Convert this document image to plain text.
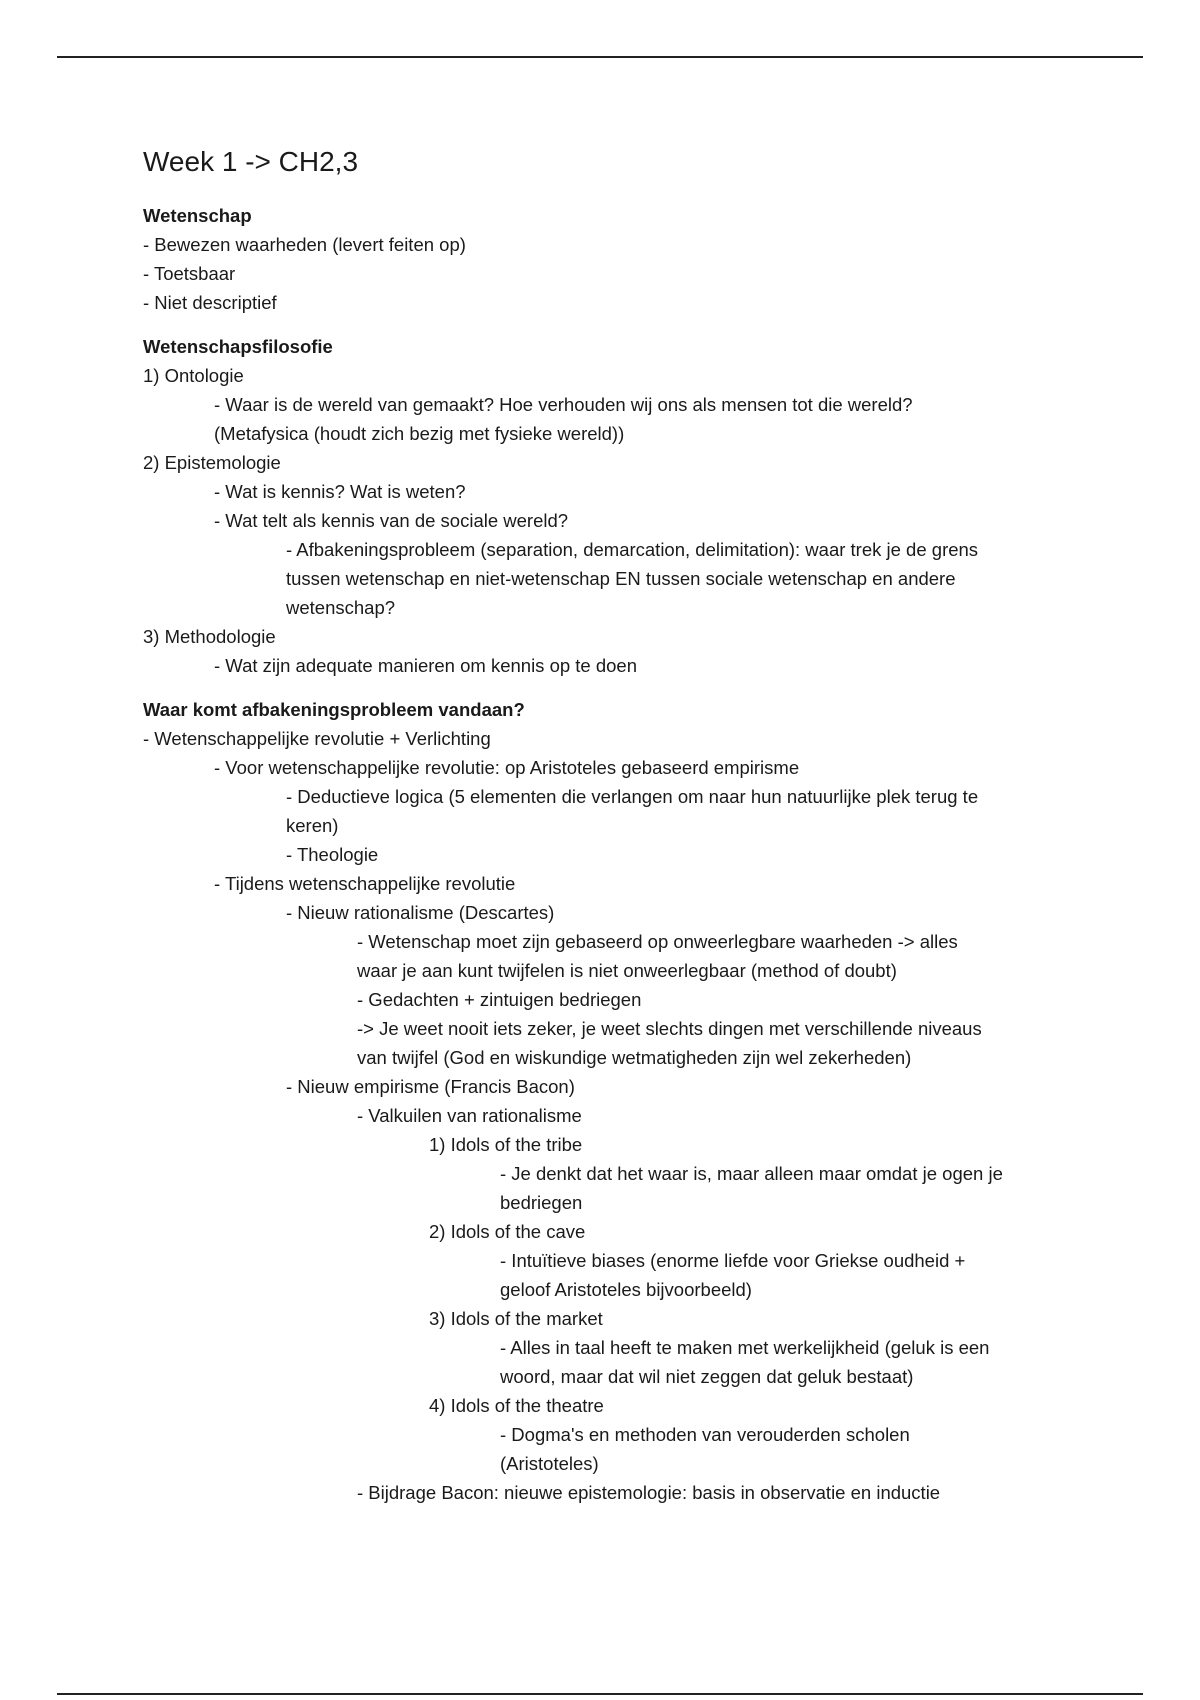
Week 1 -> CH2,3
Wetenschap
- Bewezen waarheden (levert feiten op)
- Toetsbaar
- Niet descriptief
Wetenschapsfilosofie
1) Ontologie
- Waar is de wereld van gemaakt? Hoe verhouden wij ons als mensen tot die wereld?
(Metafysica (houdt zich bezig met fysieke wereld))
2) Epistemologie
- Wat is kennis? Wat is weten?
- Wat telt als kennis van de sociale wereld?
- Afbakeningsprobleem (separation, demarcation, delimitation): waar trek je de grens
tussen wetenschap en niet-wetenschap EN tussen sociale wetenschap en andere
wetenschap?
3) Methodologie
- Wat zijn adequate manieren om kennis op te doen
Waar komt afbakeningsprobleem vandaan?
- Wetenschappelijke revolutie + Verlichting
- Voor wetenschappelijke revolutie: op Aristoteles gebaseerd empirisme
- Deductieve logica (5 elementen die verlangen om naar hun natuurlijke plek terug te
keren)
- Theologie
- Tijdens wetenschappelijke revolutie
- Nieuw rationalisme (Descartes)
- Wetenschap moet zijn gebaseerd op onweerlegbare waarheden -> alles
waar je aan kunt twijfelen is niet onweerlegbaar (method of doubt)
- Gedachten + zintuigen bedriegen
-> Je weet nooit iets zeker, je weet slechts dingen met verschillende niveaus
van twijfel (God en wiskundige wetmatigheden zijn wel zekerheden)
- Nieuw empirisme (Francis Bacon)
- Valkuilen van rationalisme
1) Idols of the tribe
- Je denkt dat het waar is, maar alleen maar omdat je ogen je
bedriegen
2) Idols of the cave
- Intuïtieve biases (enorme liefde voor Griekse oudheid +
geloof Aristoteles bijvoorbeeld)
3) Idols of the market
- Alles in taal heeft te maken met werkelijkheid (geluk is een
woord, maar dat wil niet zeggen dat geluk bestaat)
4) Idols of the theatre
- Dogma's en methoden van verouderden scholen
(Aristoteles)
- Bijdrage Bacon: nieuwe epistemologie: basis in observatie en inductie
